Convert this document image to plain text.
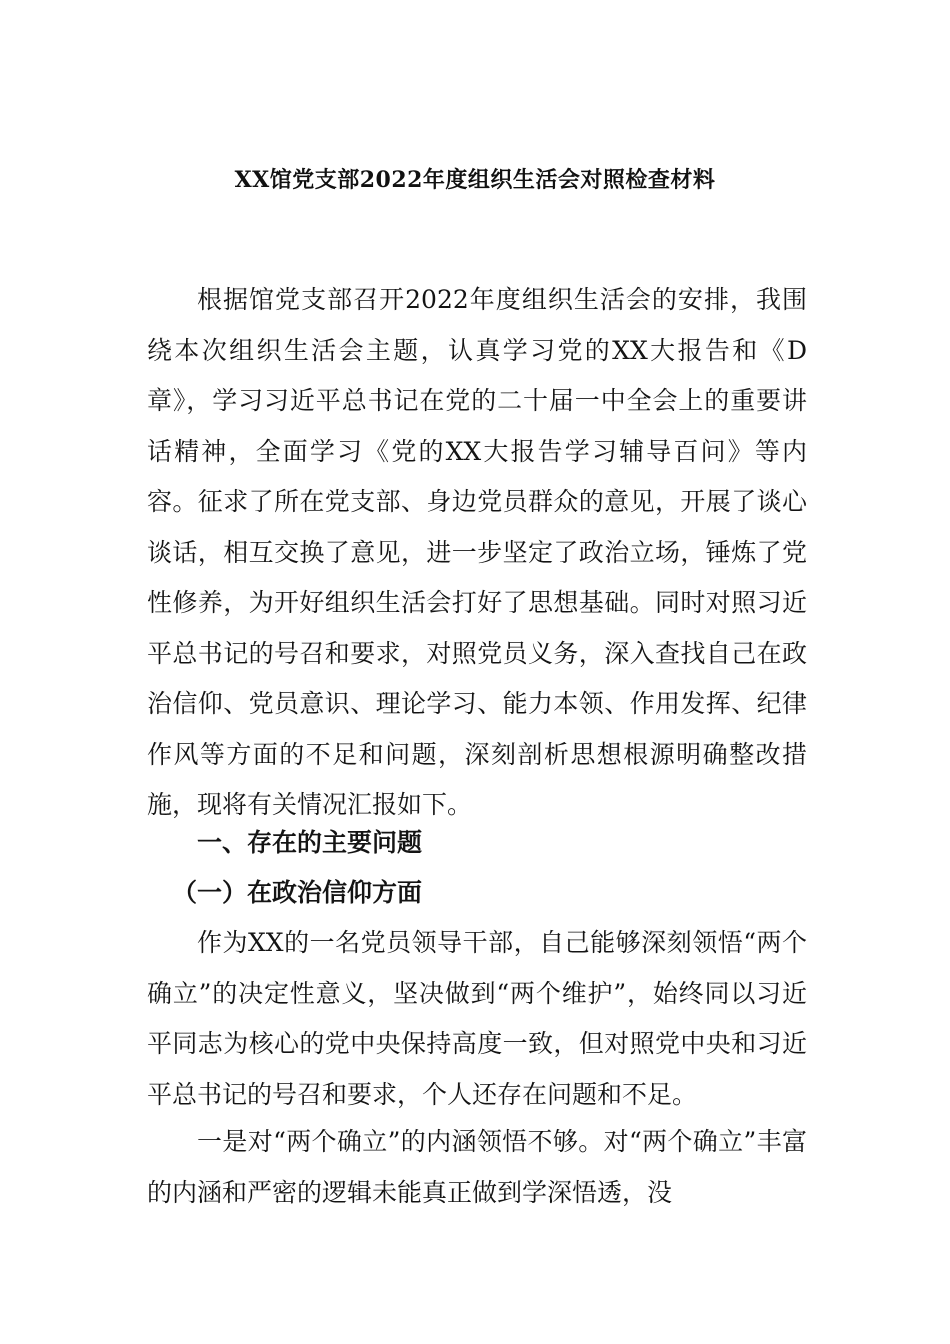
XX馆党支部2022年度组织生活会对照检查材料

根据馆党支部召开2022年度组织生活会的安排，我围绕本次组织生活会主题，认真学习党的XX大报告和《D章》，学习习近平总书记在党的二十届一中全会上的重要讲话精神，全面学习《党的XX大报告学习辅导百问》等内容。征求了所在党支部、身边党员群众的意见，开展了谈心谈话，相互交换了意见，进一步坚定了政治立场，锤炼了党性修养，为开好组织生活会打好了思想基础。同时对照习近平总书记的号召和要求，对照党员义务，深入查找自己在政治信仰、党员意识、理论学习、能力本领、作用发挥、纪律作风等方面的不足和问题，深刻剖析思想根源明确整改措施，现将有关情况汇报如下。

一、存在的主要问题

（一）在政治信仰方面

作为XX的一名党员领导干部，自己能够深刻领悟“两个确立”的决定性意义，坚决做到“两个维护”，始终同以习近平同志为核心的党中央保持高度一致，但对照党中央和习近平总书记的号召和要求，个人还存在问题和不足。

一是对“两个确立”的内涵领悟不够。对“两个确立”丰富的内涵和严密的逻辑未能真正做到学深悟透，没
